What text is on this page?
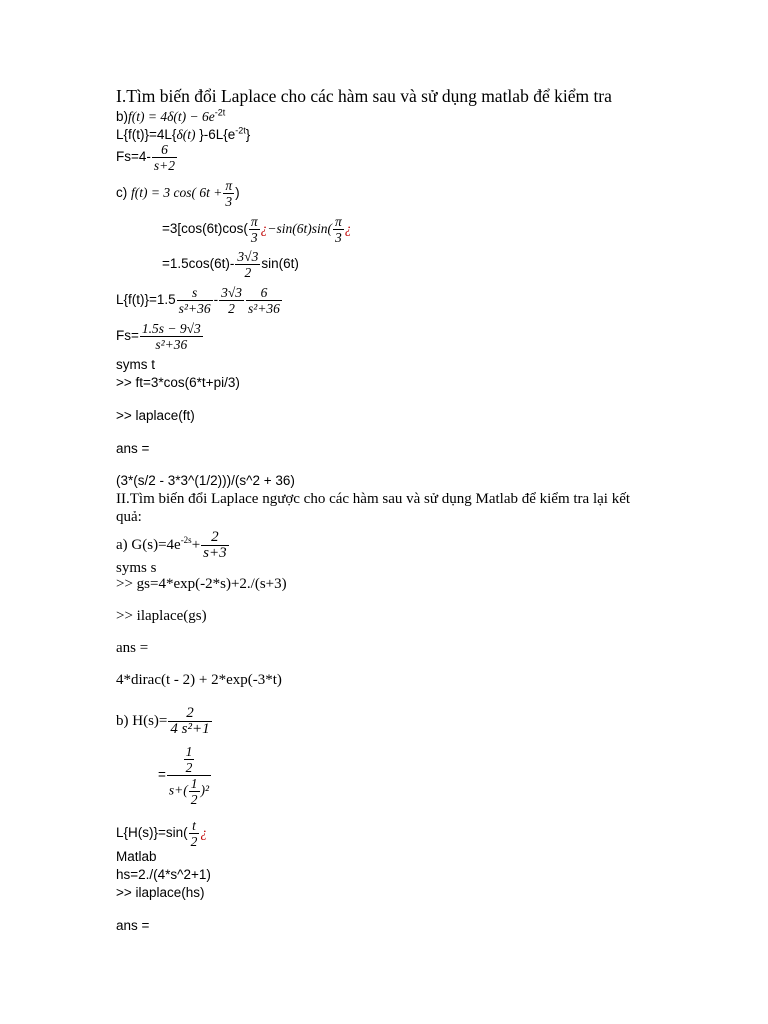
I.Tìm biến đổi Laplace cho các hàm sau và sử dụng matlab để kiểm tra
$b)f(t) = 4\delta(t) - 6e^{-2t}$
L{f(t)}=4L{δ(t) }$-6L\{e^{-2t}\}$
$Fs=4- \frac{6}{s+2}$
c) f(t) = 3 cos( $6t + \frac{\pi}{3}$ )
$=3[\cos(6t)\cos( \frac{\pi}{3}$ ¿$-\sin(6t)\sin( \frac{\pi}{3}$ ¿
$=1.5\cos(6t)- \frac{3√3}{2} \sin(6t)$
$L\{f(t)\}=1.5 \frac{s}{\text{s²+36}} - \frac{3√3}{2} \frac{6}{\text{s²+36}}$
$Fs= \frac{1.5s - 9√3}{\text{s²+36}}$
syms t
>> ft=3*cos(6*t+pi/3)
>> laplace(ft)
ans =
(3*(s/2 - 3*3^(1/2)))/(s^2 + 36)
II.Tìm biến đổi Laplace ngược cho các hàm sau và sử dụng Matlab để kiểm tra lại kết
quả:
a) $G(s)=4e^{-2s}+ \frac{2}{s+3}$
syms s
>> gs=4*exp(-2*s)+2./(s+3)
>> ilaplace(gs)
ans =
4*dirac(t - 2) + 2*exp(-3*t)
b) $H(s)= \frac{2}{\text{4 s²+1}}$
= $\frac{\frac{1}{2}}{s+( \frac{1}{2} )^2}$
$L\{H(s)\}=\sin( \frac{t}{2}$ ¿
Matlab
hs=2./(4*s^2+1)
>> ilaplace(hs)
ans =
